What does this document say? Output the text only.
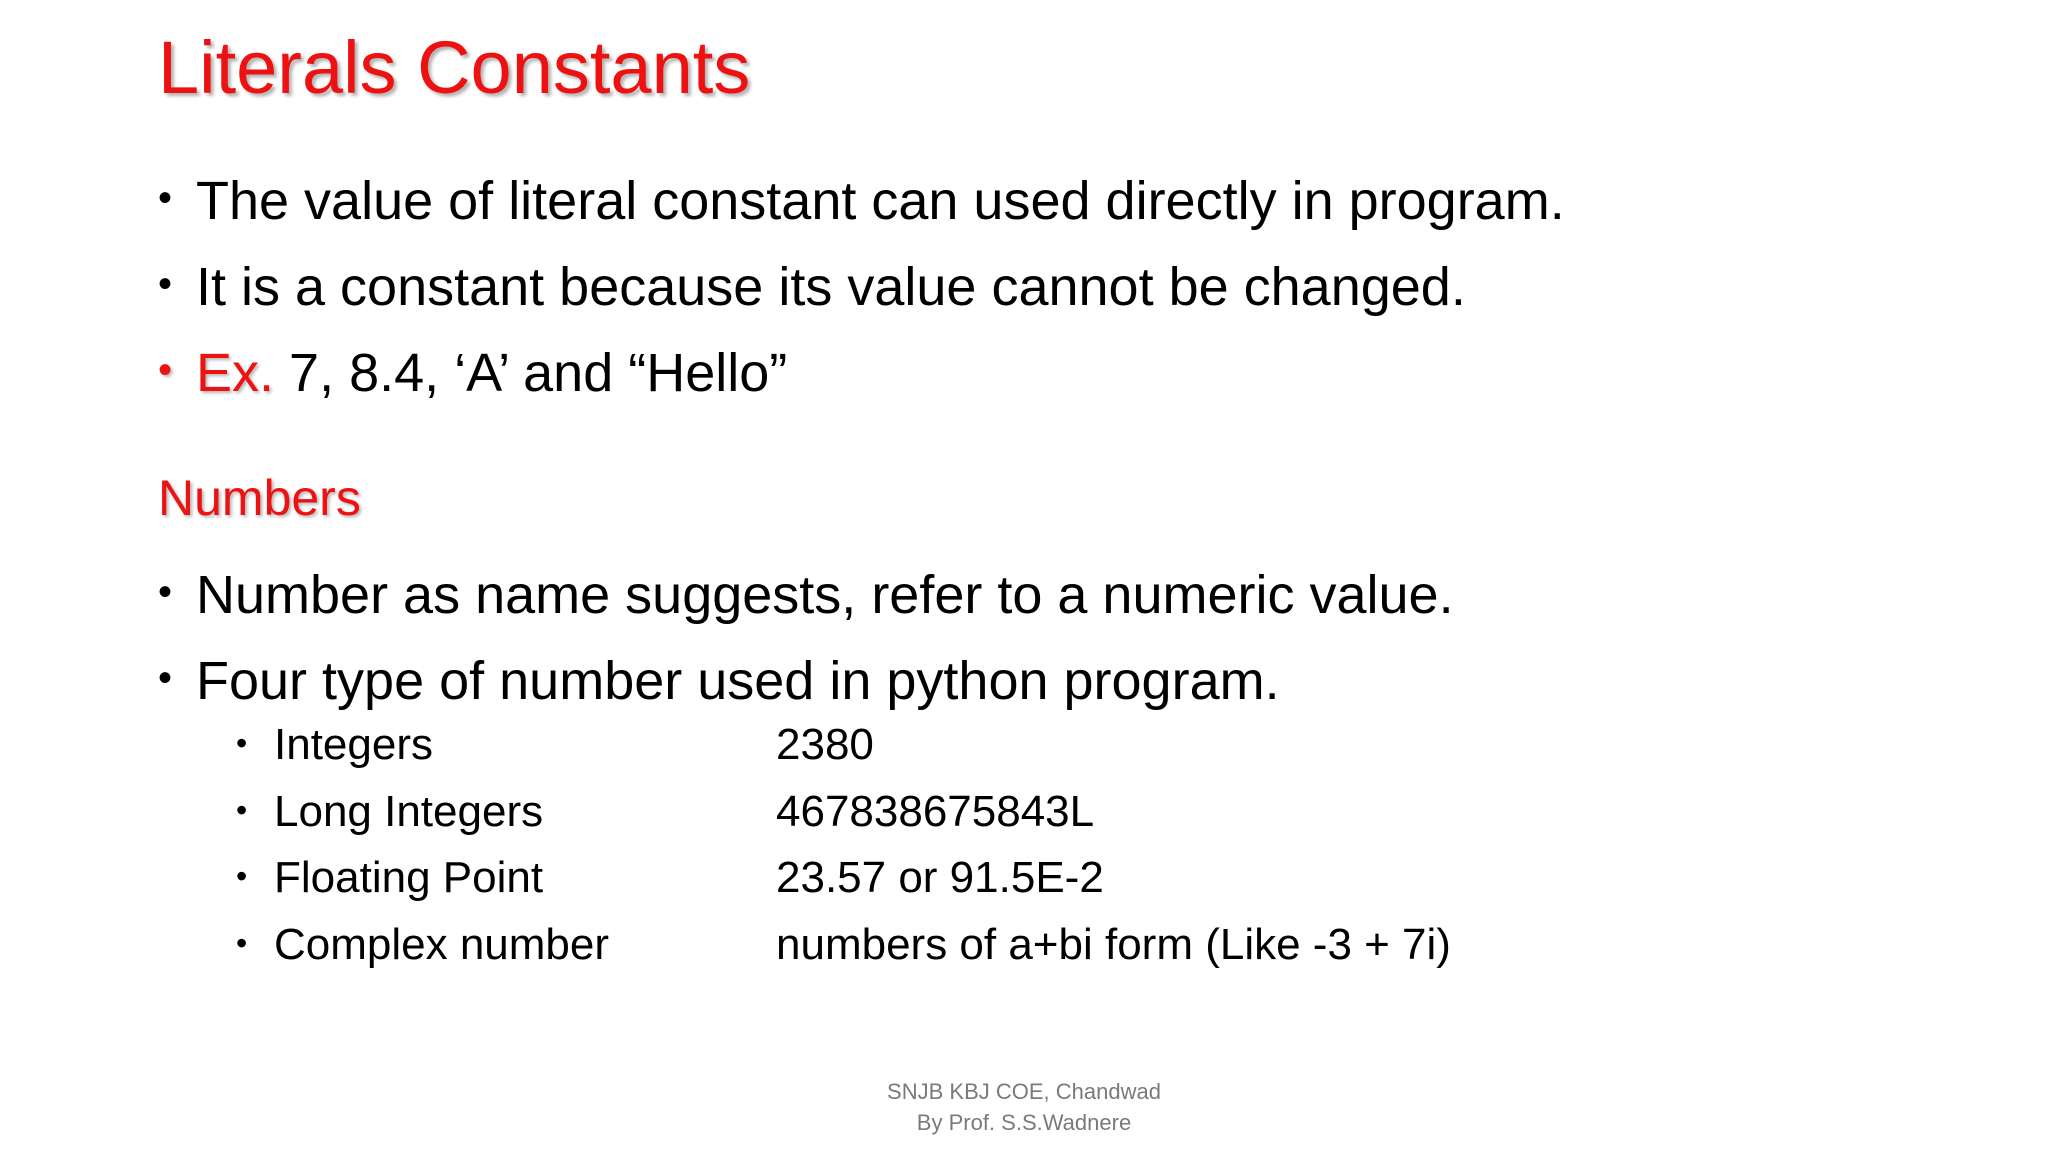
Literals Constants
• The value of literal constant can used directly in program.
• It is a constant because its value cannot be changed.
• Ex. 7, 8.4, ‘A’ and “Hello”
Numbers
• Number as name suggests, refer to a numeric value.
• Four type of number used in python program.
• Integers	2380
• Long Integers	467838675843L
• Floating Point	23.57 or 91.5E-2
• Complex number	numbers of a+bi form (Like -3 + 7i)
SNJB KBJ COE, Chandwad
By Prof. S.S.Wadnere
